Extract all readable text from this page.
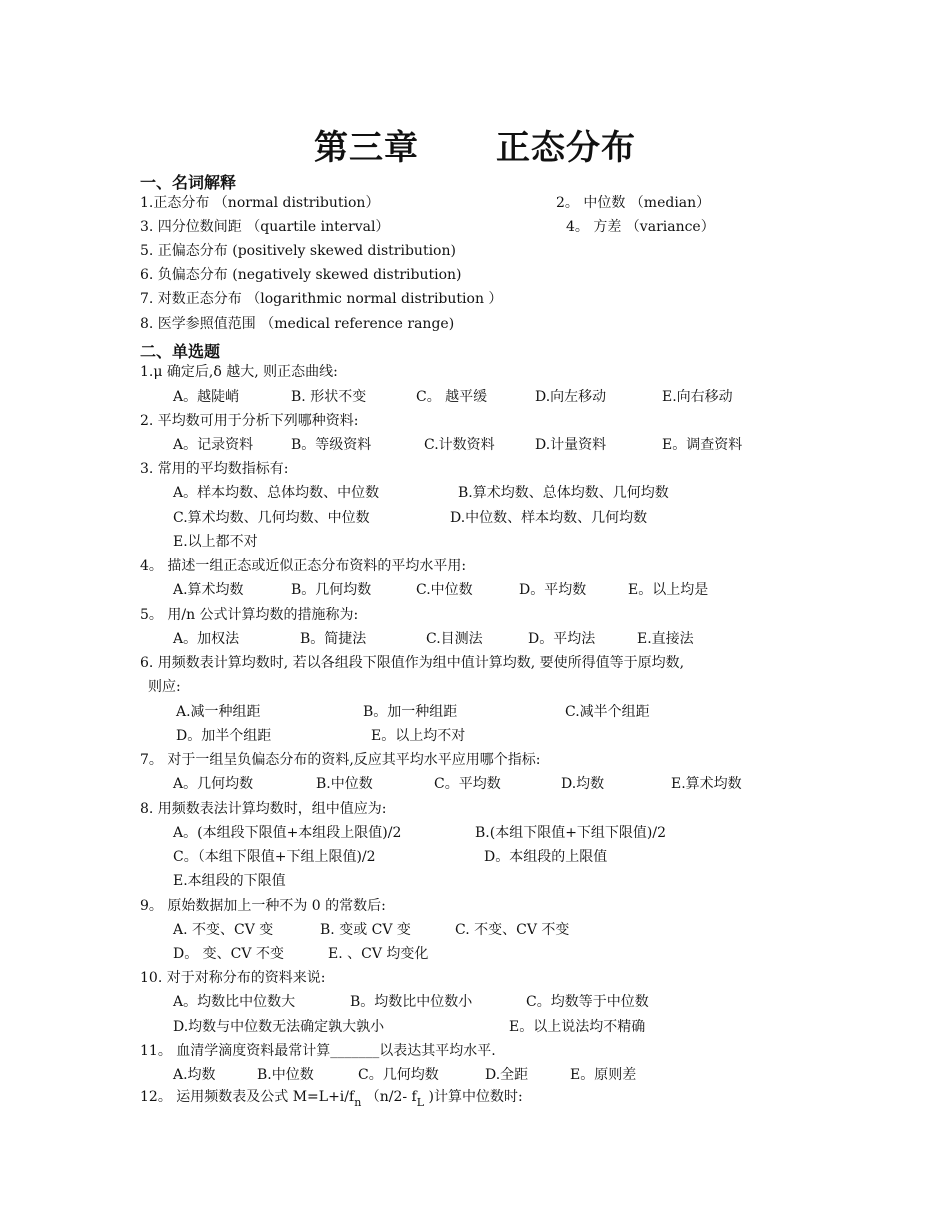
第三章      正态分布
一、名词解释
1.正态分布 （normal distribution）	2。 中位数 （median）
3. 四分位数间距 （quartile interval）	4。 方差 （variance）
5. 正偏态分布 (positively skewed distribution)
6. 负偏态分布 (negatively skewed distribution)
7. 对数正态分布 （logarithmic normal distribution ）
8. 医学参照值范围 （medical reference range)
二、单选题
1.μ 确定后,δ 越大, 则正态曲线:
A。越陡峭	B. 形状不变	C。 越平缓	D.向左移动	E.向右移动
2. 平均数可用于分析下列哪种资料:
A。记录资料	B。等级资料	C.计数资料	D.计量资料	E。调查资料
3. 常用的平均数指标有:
A。样本均数、总体均数、中位数	B.算术均数、总体均数、几何均数
C.算术均数、几何均数、中位数	D.中位数、样本均数、几何均数
E.以上都不对
4。 描述一组正态或近似正态分布资料的平均水平用:
A.算术均数	B。几何均数	C.中位数	D。平均数	E。以上均是
5。 用/n 公式计算均数的措施称为:
A。加权法	B。简捷法	C.目测法	D。平均法	E.直接法
6. 用频数表计算均数时, 若以各组段下限值作为组中值计算均数, 要使所得值等于原均数,
则应:
A.减一种组距	B。加一种组距	C.减半个组距
D。加半个组距	E。以上均不对
7。 对于一组呈负偏态分布的资料,反应其平均水平应用哪个指标:
A。几何均数	B.中位数	C。平均数	D.均数	E.算术均数
8. 用频数表法计算均数时，组中值应为:
A。(本组段下限值+本组段上限值)/2	B.(本组下限值+下组下限值)/2
C。（本组下限值+下组上限值)/2	D。本组段的上限值
E.本组段的下限值
9。 原始数据加上一种不为 0 的常数后:
A. 不变、CV 变	B. 变或 CV 变	C. 不变、CV 不变
D。 变、CV 不变	E. 、CV 均变化
10. 对于对称分布的资料来说:
A。均数比中位数大	B。均数比中位数小	C。均数等于中位数
D.均数与中位数无法确定孰大孰小	E。以上说法均不精确
11。 血清学滴度资料最常计算_______以表达其平均水平.
A.均数	B.中位数	C。几何均数	D.全距	E。原则差
12。 运用频数表及公式 $M=L+i/f_n$ （n/2- $f_L$ )计算中位数时:
